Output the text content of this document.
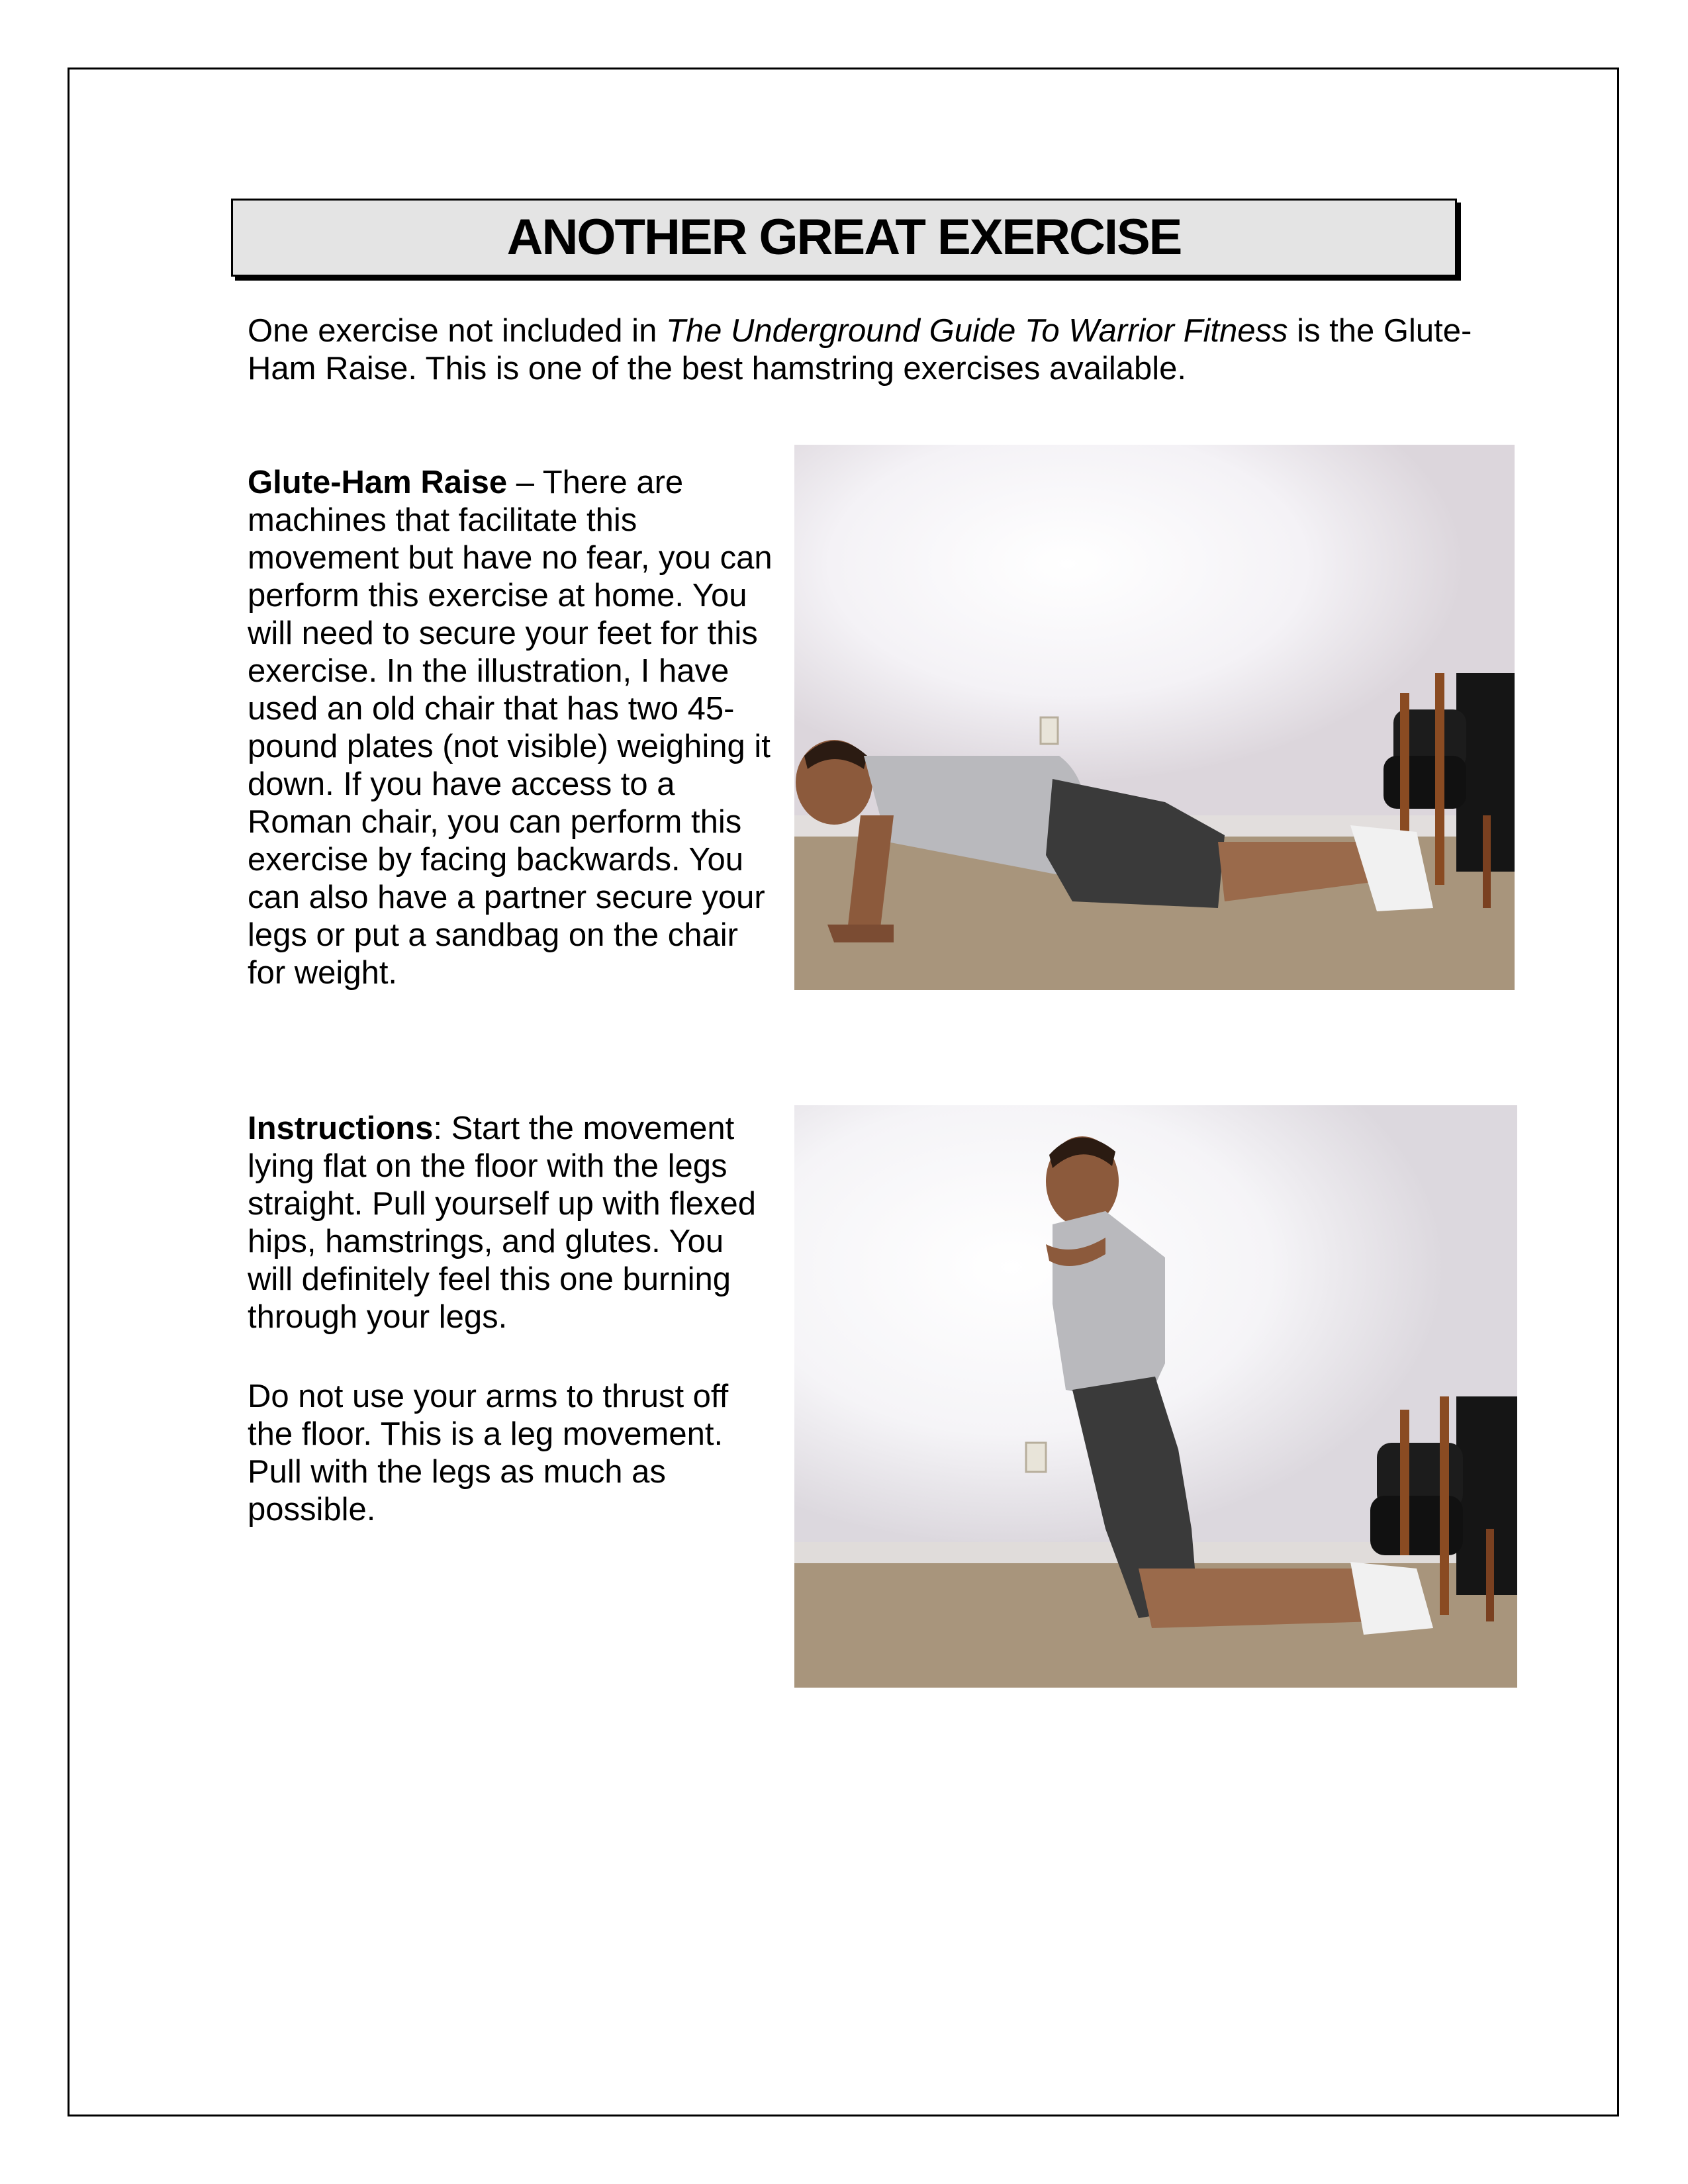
ANOTHER GREAT EXERCISE

One exercise not included in The Underground Guide To Warrior Fitness is the Glute-Ham Raise. This is one of the best hamstring exercises available.

Glute-Ham Raise – There are machines that facilitate this movement but have no fear, you can perform this exercise at home. You will need to secure your feet for this exercise. In the illustration, I have used an old chair that has two 45-pound plates (not visible) weighing it down. If you have access to a Roman chair, you can perform this exercise by facing backwards. You can also have a partner secure your legs or put a sandbag on the chair for weight.

Instructions: Start the movement lying flat on the floor with the legs straight. Pull yourself up with flexed hips, hamstrings, and glutes. You will definitely feel this one burning through your legs.

Do not use your arms to thrust off the floor. This is a leg movement. Pull with the legs as much as possible.
